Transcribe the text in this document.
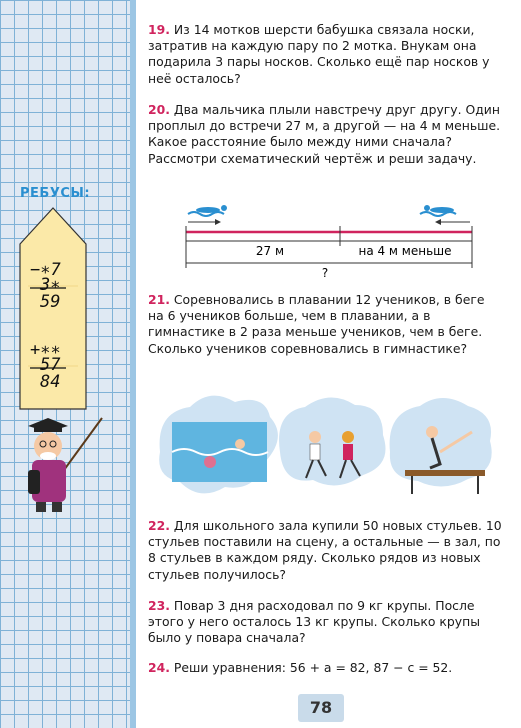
РЕБУСЫ:
−∗7
3∗
59
+∗∗
57
84

19. Из 14 мотков шерсти бабушка связала носки, затратив на каждую пару по 2 мотка. Внукам она подарила 3 пары носков. Сколько ещё пар носков у неё осталось?

20. Два мальчика плыли навстречу друг другу. Один проплыл до встречи 27 м, а другой — на 4 м меньше. Какое расстояние было между ними сначала?

Рассмотри схематический чертёж и реши задачу.

27 м	на 4 м меньше
?

21. Соревновались в плавании 12 учеников, в беге на 6 учеников больше, чем в плавании, а в гимнастике в 2 раза меньше учеников, чем в беге. Сколько учеников соревновались в гимнастике?

22. Для школьного зала купили 50 новых стульев. 10 стульев поставили на сцену, а остальные — в зал, по 8 стульев в каждом ряду. Сколько рядов из новых стульев получилось?

23. Повар 3 дня расходовал по 9 кг крупы. После этого у него осталось 13 кг крупы. Сколько крупы было у повара сначала?

24. Реши уравнения: 56 + a = 82, 87 − c = 52.

78
